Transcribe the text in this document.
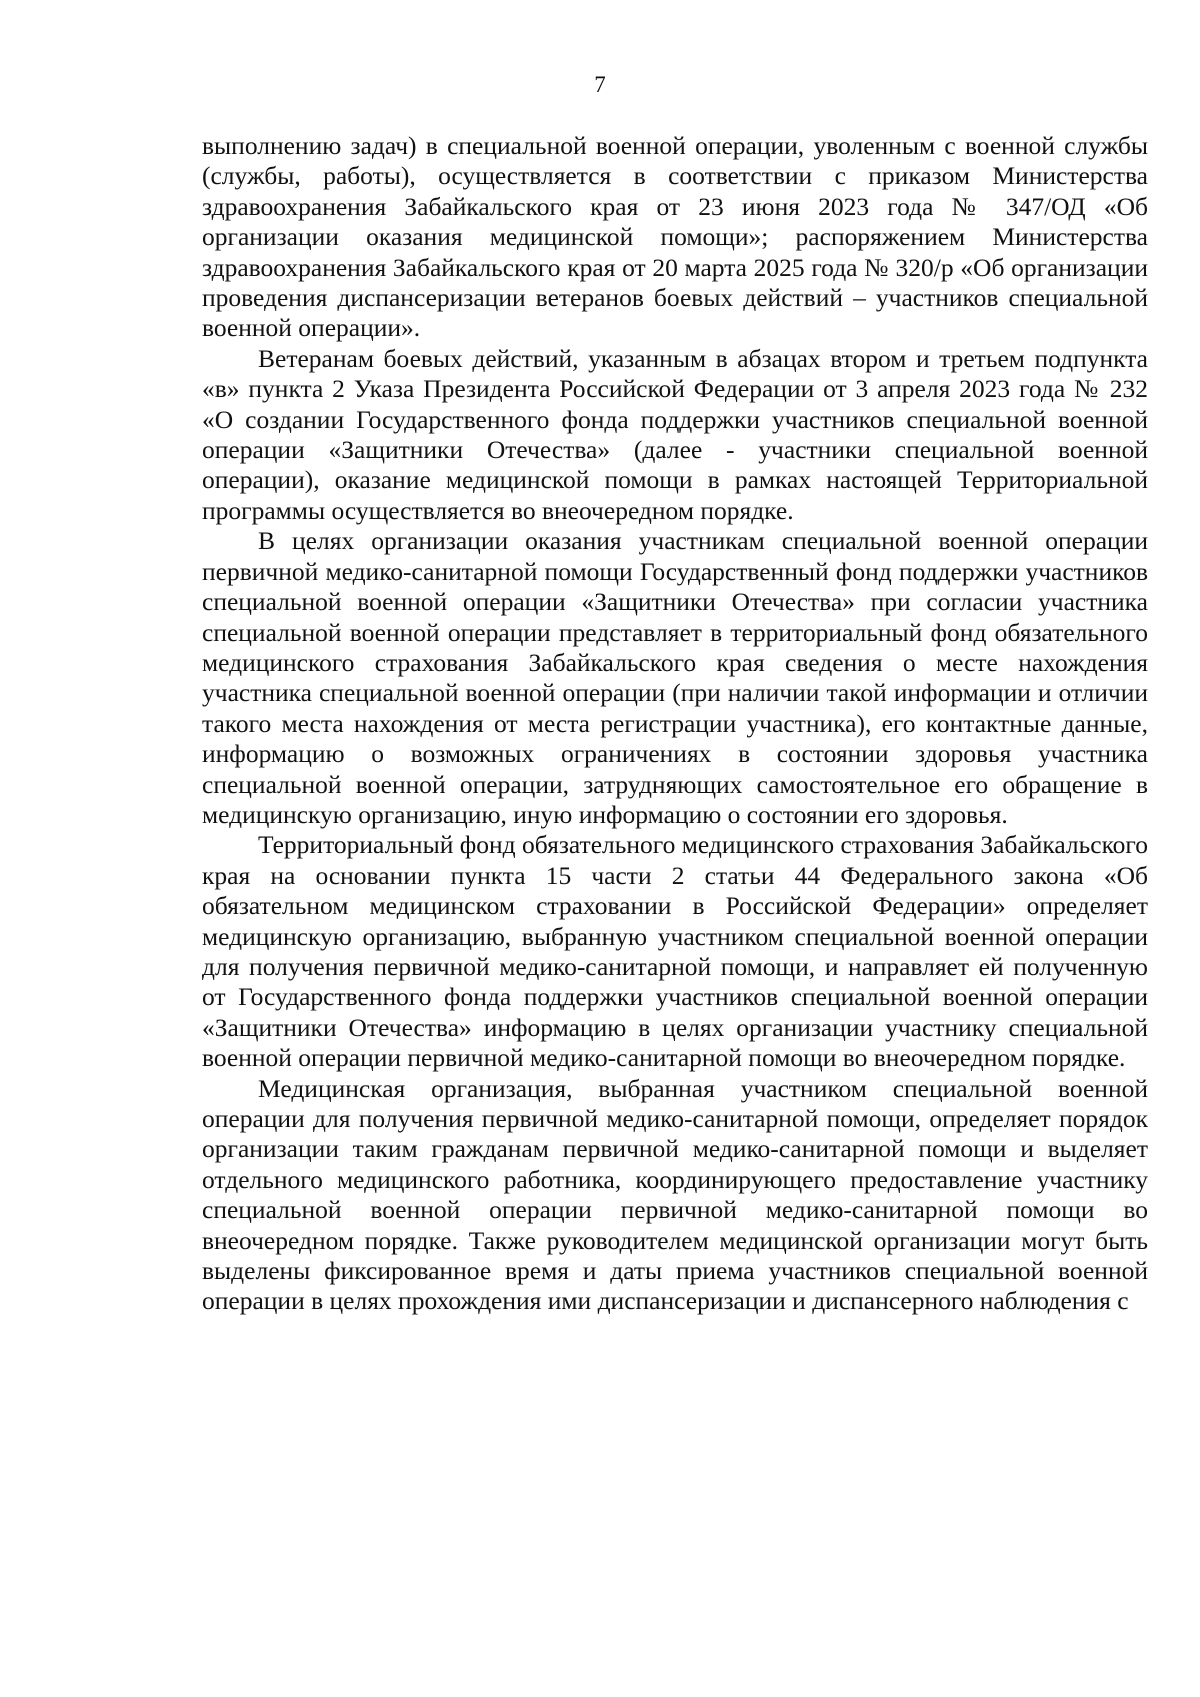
7

выполнению задач) в специальной военной операции, уволенным с военной службы (службы, работы), осуществляется в соответствии с приказом Министерства здравоохранения Забайкальского края от 23 июня 2023 года № 347/ОД «Об организации оказания медицинской помощи»; распоряжением Министерства здравоохранения Забайкальского края от 20 марта 2025 года № 320/р «Об организации проведения диспансеризации ветеранов боевых действий – участников специальной военной операции».

Ветеранам боевых действий, указанным в абзацах втором и третьем подпункта «в» пункта 2 Указа Президента Российской Федерации от 3 апреля 2023 года № 232 «О создании Государственного фонда поддержки участников специальной военной операции «Защитники Отечества» (далее - участники специальной военной операции), оказание медицинской помощи в рамках настоящей Территориальной программы осуществляется во внеочередном порядке.

В целях организации оказания участникам специальной военной операции первичной медико-санитарной помощи Государственный фонд поддержки участников специальной военной операции «Защитники Отечества» при согласии участника специальной военной операции представляет в территориальный фонд обязательного медицинского страхования Забайкальского края сведения о месте нахождения участника специальной военной операции (при наличии такой информации и отличии такого места нахождения от места регистрации участника), его контактные данные, информацию о возможных ограничениях в состоянии здоровья участника специальной военной операции, затрудняющих самостоятельное его обращение в медицинскую организацию, иную информацию о состоянии его здоровья.

Территориальный фонд обязательного медицинского страхования Забайкальского края на основании пункта 15 части 2 статьи 44 Федерального закона «Об обязательном медицинском страховании в Российской Федерации» определяет медицинскую организацию, выбранную участником специальной военной операции для получения первичной медико-санитарной помощи, и направляет ей полученную от Государственного фонда поддержки участников специальной военной операции «Защитники Отечества» информацию в целях организации участнику специальной военной операции первичной медико-санитарной помощи во внеочередном порядке.

Медицинская организация, выбранная участником специальной военной операции для получения первичной медико-санитарной помощи, определяет порядок организации таким гражданам первичной медико-санитарной помощи и выделяет отдельного медицинского работника, координирующего предоставление участнику специальной военной операции первичной медико-санитарной помощи во внеочередном порядке. Также руководителем медицинской организации могут быть выделены фиксированное время и даты приема участников специальной военной операции в целях прохождения ими диспансеризации и диспансерного наблюдения с
